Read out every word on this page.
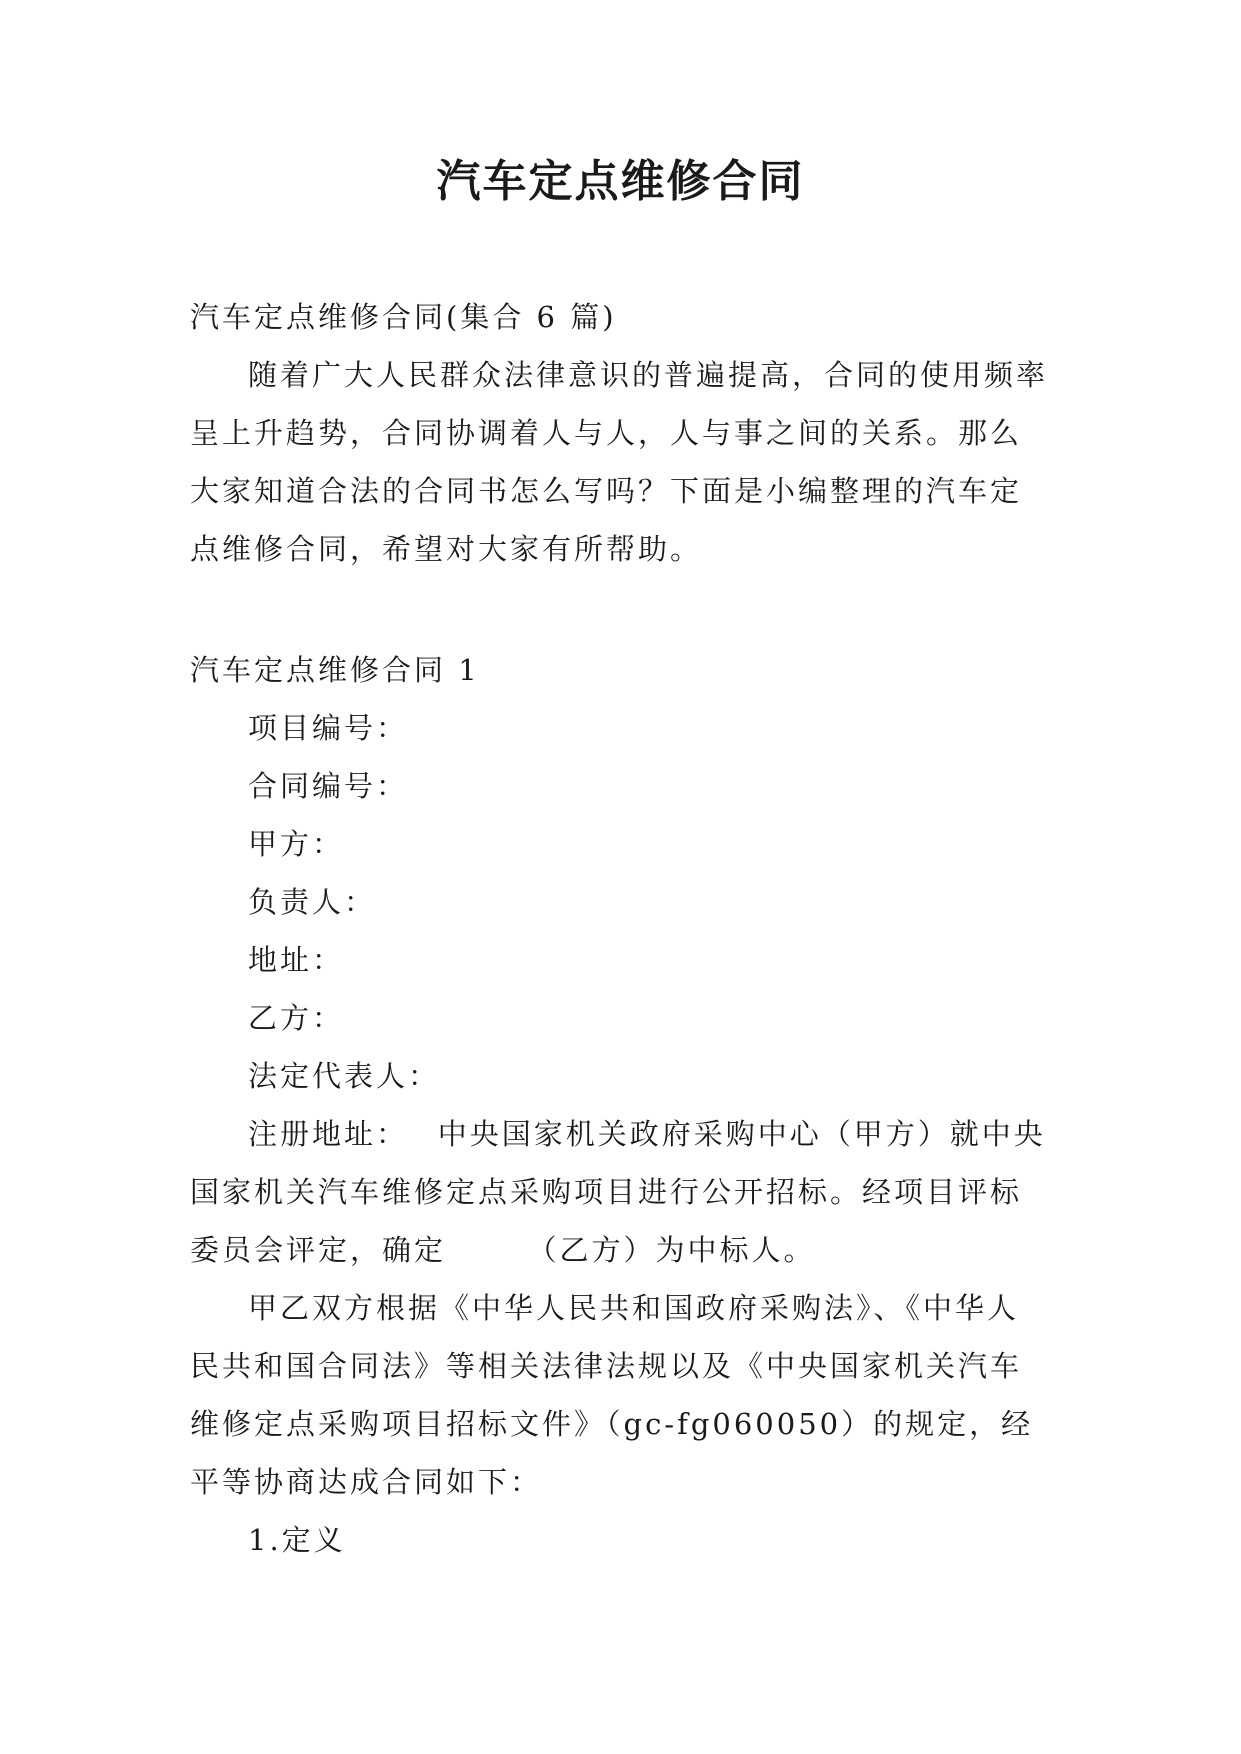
汽车定点维修合同

汽车定点维修合同(集合 6 篇)

随着广大人民群众法律意识的普遍提高，合同的使用频率呈上升趋势，合同协调着人与人，人与事之间的关系。那么大家知道合法的合同书怎么写吗？下面是小编整理的汽车定点维修合同，希望对大家有所帮助。

汽车定点维修合同 1

项目编号：

合同编号：

甲方：

负责人：

地址：

乙方：

法定代表人：

注册地址：　 中央国家机关政府采购中心（甲方）就中央国家机关汽车维修定点采购项目进行公开招标。经项目评标委员会评定，确定　　　（乙方）为中标人。

甲乙双方根据《中华人民共和国政府采购法》、《中华人民共和国合同法》等相关法律法规以及《中央国家机关汽车维修定点采购项目招标文件》（gc-fg060050）的规定，经平等协商达成合同如下：

1.定义
